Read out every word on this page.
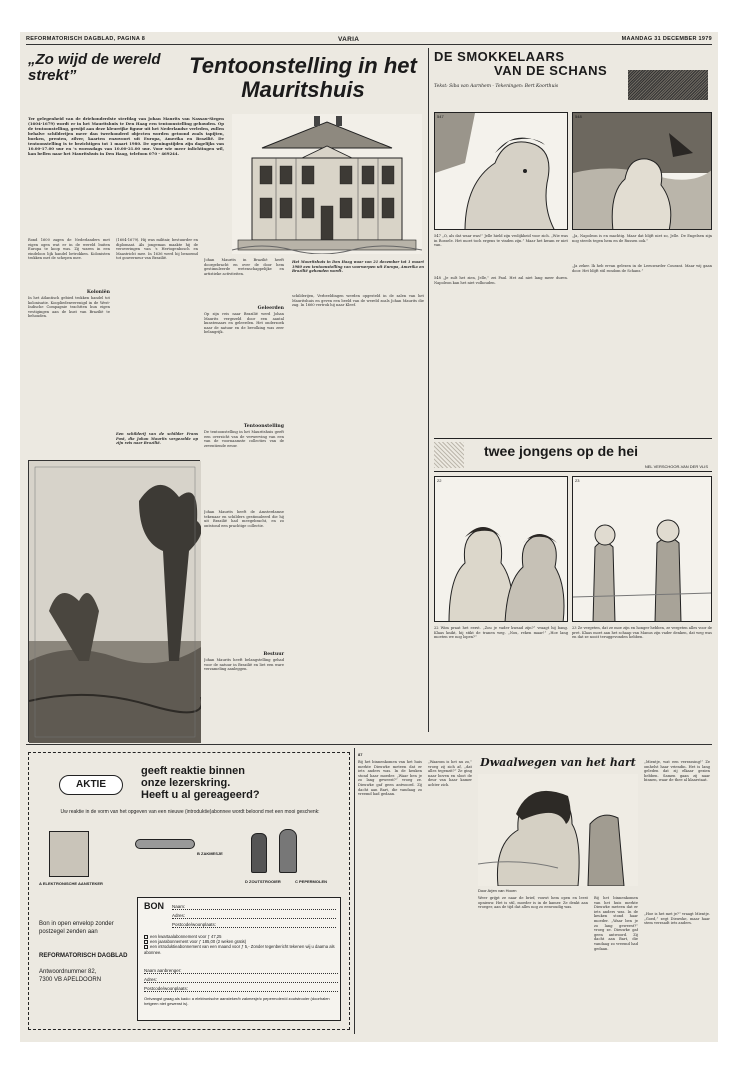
REFORMATORISCH DAGBLAD, PAGINA 8	VARIA	MAANDAG 31 DECEMBER 1979
„Zo wijd de wereld strekt”	Tentoonstelling in het Mauritshuis
Ter gelegenheid van de driehonderdste sterfdag van Johan Maurits van Nassau-Siegen (1604-1679) wordt er in het Mauritshuis te Den Haag een tentoonstelling gehouden. Op de tentoonstelling, gewijd aan deze kleurrijke figuur uit het Nederlandse verleden, zullen behalve schilderijen meer dan tweehonderd objecten worden getoond zoals tapijten, boeken, prenten, zilver, kaarten enzovoort uit Europa, Amerika en Brazilië. De tentoonstelling is te bezichtigen tot 1 maart 1980. De openingstijden zijn dagelijks van 10.00-17.00 uur en 's woensdags van 10.00-21.00 uur. Voor wie meer inlichtingen wil, kan bellen naar het Mauritshuis in Den Haag, telefoon 070 - 469244.
Rond 1600 zagen de Nederlanders met eigen ogen wat er in de wereld buiten Europa te koop was. Zij waren in een eindeloos lijk handel betrokken. Kolonisten trokken met de schepen mee.
Koloniën
In het Atlantisch gebied trokken handel tot kolonisatie. Koopliedenverenigd in de West-Indische Compagnie trachtten hun eigen vestigingen aan de kust van Brazilië te behouden.
(1604-1679). Hij was militair, bestuurder en diplomaat. Als jongeman maakte hij de veroveringen van 's Hertogenbosch en Maastricht mee. In 1636 werd hij benoemd tot gouverneur van Brazilië.
Een schilderij van de schilder Frans Post, die Johan Maurits vergezelde op zijn reis naar Brazilië.
Johan Maurits in Brazilië heeft doorgebracht en over de door hem gestimuleerde wetenschappelijke en artistieke activiteiten.
Geleerden
Op zijn reis naar Brazilië werd Johan Maurits vergezeld door een aantal kunstenaars en geleerden. Het onderzoek naar de natuur en de bevolking was zeer belangrijk.
Tentoonstelling
De tentoonstelling in het Mauritshuis geeft een overzicht van de verwerving van een van de voornaamste collecties van de zeventiende eeuw.
Johan Maurits heeft de Amsterdamse tekenaar en schilders gestimuleerd die hij uit Brazilië had meegebracht, en zo ontstond een prachtige collectie.
Bestuur
Johan Maurits heeft belangstelling gehad voor de natuur in Brazilië en liet een ware verzameling aanleggen.
Het Mauritshuis in Den Haag waar van 21 december tot 1 maart 1980 een tentoonstelling van voorwerpen uit Europa, Amerika en Brazilië gehouden wordt.
schilderijen, Verbeeldingen werden opgesteld in de zalen van het Mauritshuis en geven een beeld van de wereld zoals Johan Maurits die zag. In 1660 vertrok hij naar Kleef.
DE SMOKKELAARS
VAN DE SCHANS
Tekst: Siba van Aarnhem - Tekeningen: Bert Koorthuis
547	548
547 „O, als dat waar was!” Jelle hield zijn vrolijkheid voor zich. „Wie was in Rossele. Het moet toch ergens te vinden zijn.” Maar het kwam er niet van.
„Ja, Napoleon is en machtig. Maar dat blijft niet zo, Jelle. De Engelsen zijn nog steeds tegen hem en de Russen ook.”
548 „Je zult het zien, Jelle,” zei Paul. Het zal niet lang meer duren. Napoleon kan het niet volhouden.
„Ja zeker. Ik heb ervan gelezen in de Leeuwarder Courant. Maar wij gaan door. Het blijft stil rondom de Schans.”
twee jongens op de hei
NEL VERSCHOOR-VAN DER VLIS
22	23
22 Wim praat het eerst. „Zou je vader kwaad zijn?” vraagt hij bang. Klaas knikt, hij stikt de tranen weg. „Nou, reken maar!” „Hoe lang moeten we nog lopen?”
23 Ze vergeten, dat ze moe zijn en honger hebben, ze vergeten alles voor de pret. Klaas moet aan het schaap van Manus zijn vader denken, dat weg was en dat ze nooit teruggevonden hebben.
AKTIE
geeft reaktie binnen
onze lezerskring.
Heeft u al gereageerd?
Uw reaktie in de vorm van het opgeven van een nieuwe (introduktie)abonnee wordt beloond met een mooi geschenk:
A ELEKTRONISCHE AANSTEKER
B ZAKMESJE
D ZOUTSTROOIER	C PEPERMOLEN
Bon in open envelop zonder postzegel zenden aan
REFORMATORISCH DAGBLAD
Antwoordnummer 82,
7300 VB APELDOORN
BON Naam:
Adres:
Postcode/woonplaats:
een kwartaalabonnement voor ƒ 47,25
een jaarabonnement voor ƒ 185,00 (2 weken gratis)
een introduktieabonnement van een maand voor ƒ 5,- Zonder tegenbericht tekenen wij u daarna als abonnee.
Naam aanbrenger:
Adres:
Postcode/woonplaats:
Ontvangst graag als kado: a elektronische aansteker/b zakmesje/c pepermolen/d zoutstrooier (doorhalen hetgeen niet gewenst is).
87
Bij het binnenkomen van het huis merkte Dieuwke meteen dat er iets anders was. In de keuken stond haar moeder. „Waar ben je zo lang geweest?” vroeg ze. Dieuwke gaf geen antwoord. Zij dacht aan Bart, die vandaag zo vreemd had gedaan.
„Waarom is het nu zo,” vroeg zij zich af, „dat alles tegenzit?” Ze ging naar boven en sloot de deur van haar kamer achter zich.
Dwaalwegen van het hart
Door Arjen van Hoorn
Weer grijpt ze naar de brief, vouwt hem open en leest opnieuw. Het is stil, moeder is in de kamer. Ze denkt aan vroeger, aan de tijd dat alles nog zo eenvoudig was.
Bij het binnenkomen van het huis merkte Dieuwke meteen dat er iets anders was. In de keuken stond haar moeder. „Waar ben je zo lang geweest?” vroeg ze. Dieuwke gaf geen antwoord. Zij dacht aan Bart, die vandaag zo vreemd had gedaan.
„Mientje, wat een verrassing!” Ze omhelst haar vriendin. Het is lang geleden dat zij elkaar gezien hebben. Samen gaan zij naar binnen, waar de thee al klaarstaat.
„Hoe is het met je?” vraagt Mientje. „Goed,” zegt Dieuwke, maar haar stem verraadt iets anders.
